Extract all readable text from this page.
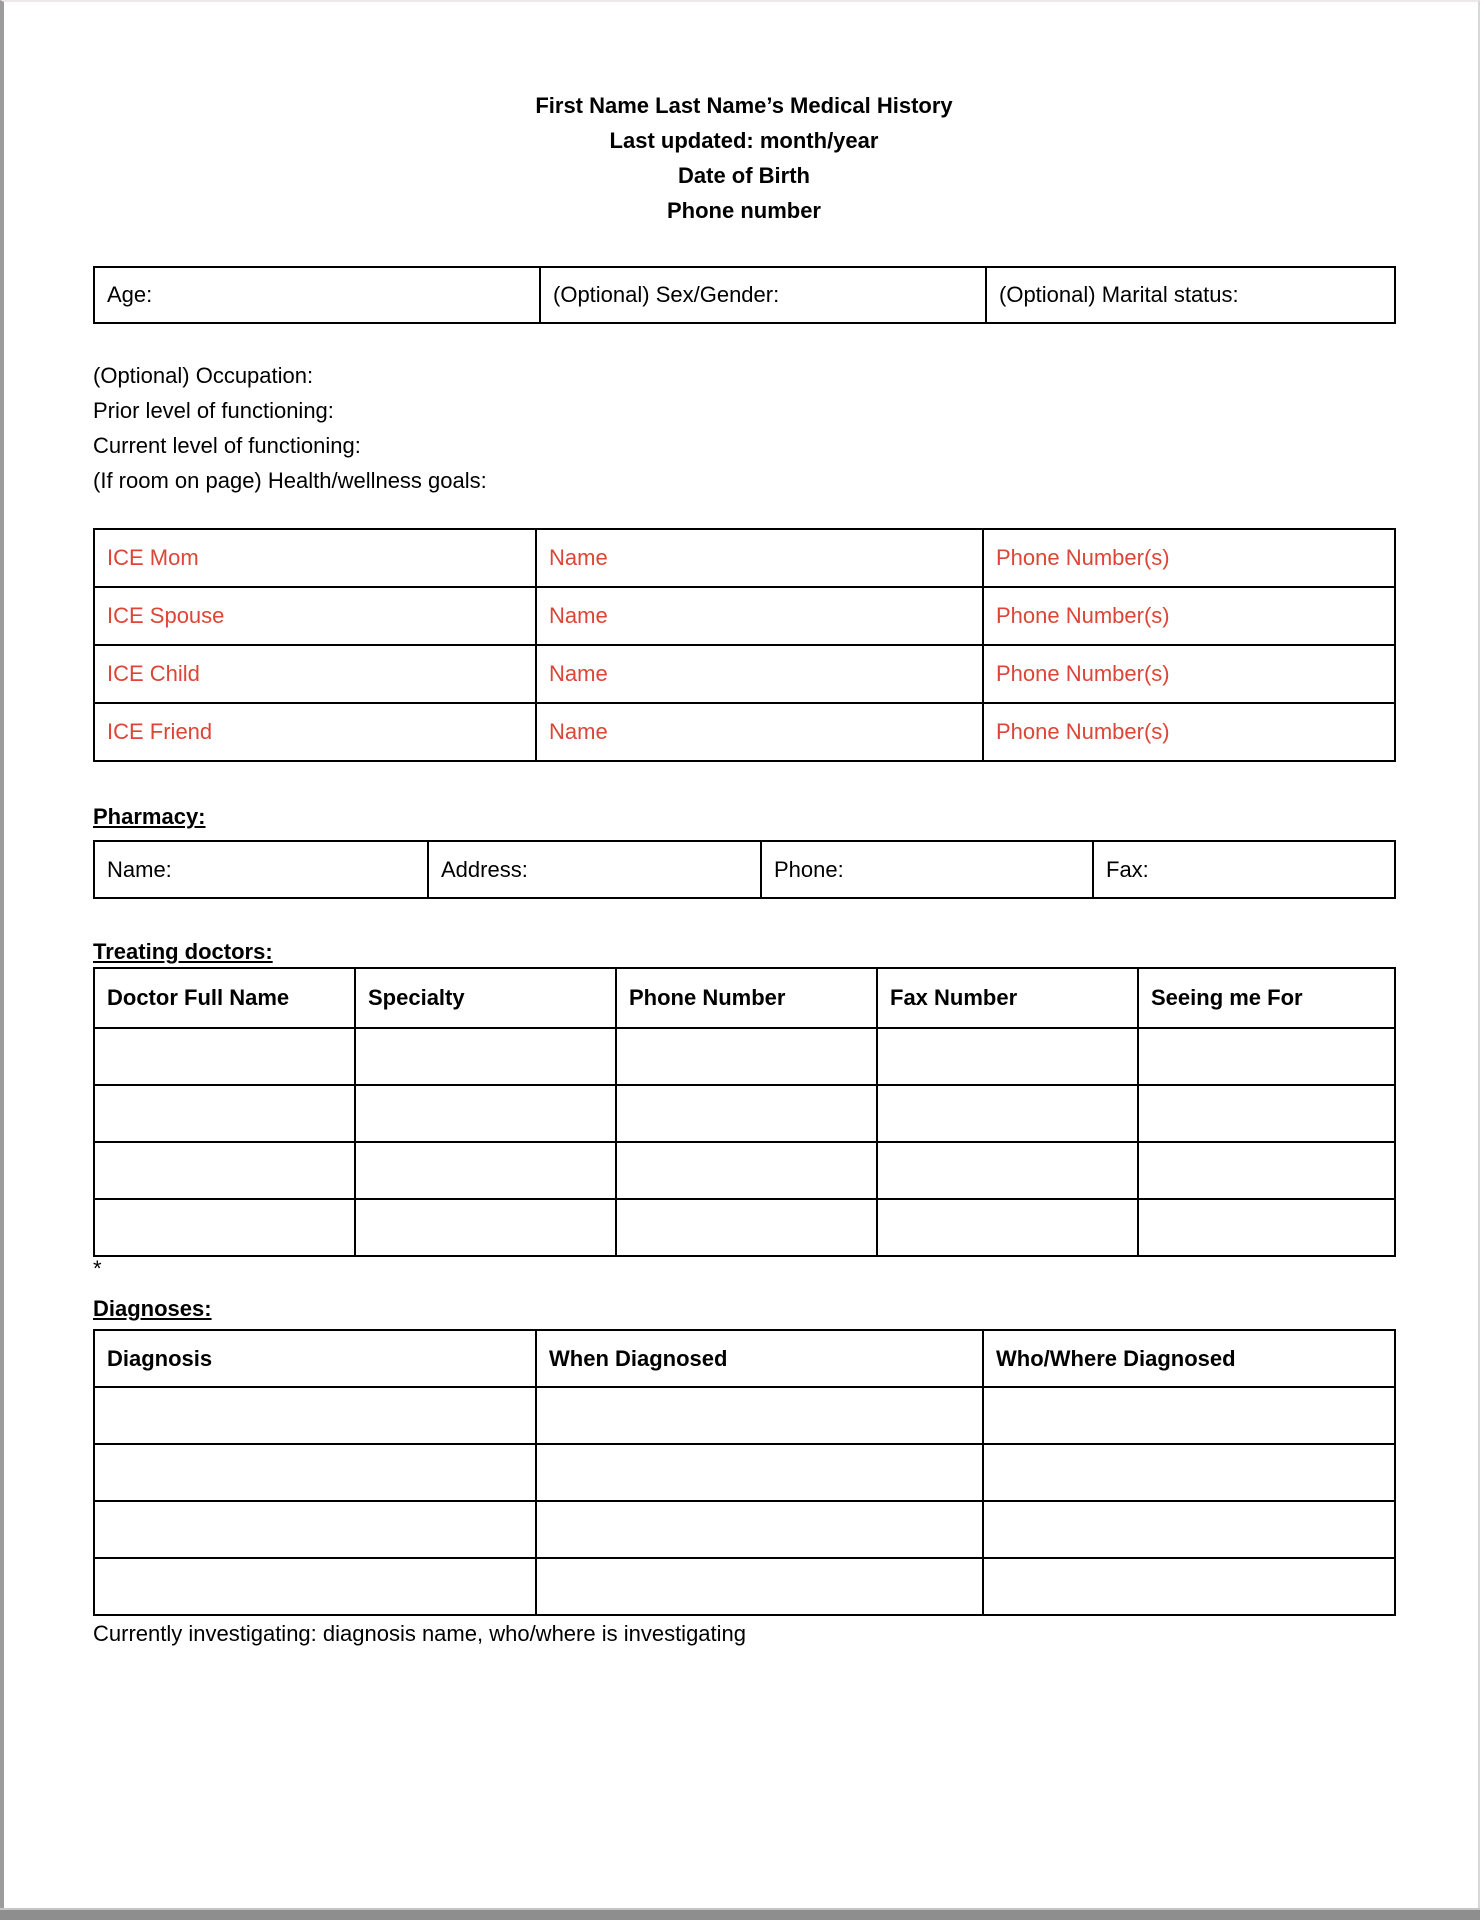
First Name Last Name’s Medical History
Last updated: month/year
Date of Birth
Phone number
Age:	(Optional) Sex/Gender:	(Optional) Marital status:
(Optional) Occupation:
Prior level of functioning:
Current level of functioning:
(If room on page) Health/wellness goals:
ICE Mom	Name	Phone Number(s)
ICE Spouse	Name	Phone Number(s)
ICE Child	Name	Phone Number(s)
ICE Friend	Name	Phone Number(s)
Pharmacy:
Name:	Address:	Phone:	Fax:
Treating doctors:
Doctor Full Name	Specialty	Phone Number	Fax Number	Seeing me For

*
Diagnoses:
Diagnosis	When Diagnosed	Who/Where Diagnosed

Currently investigating: diagnosis name, who/where is investigating
